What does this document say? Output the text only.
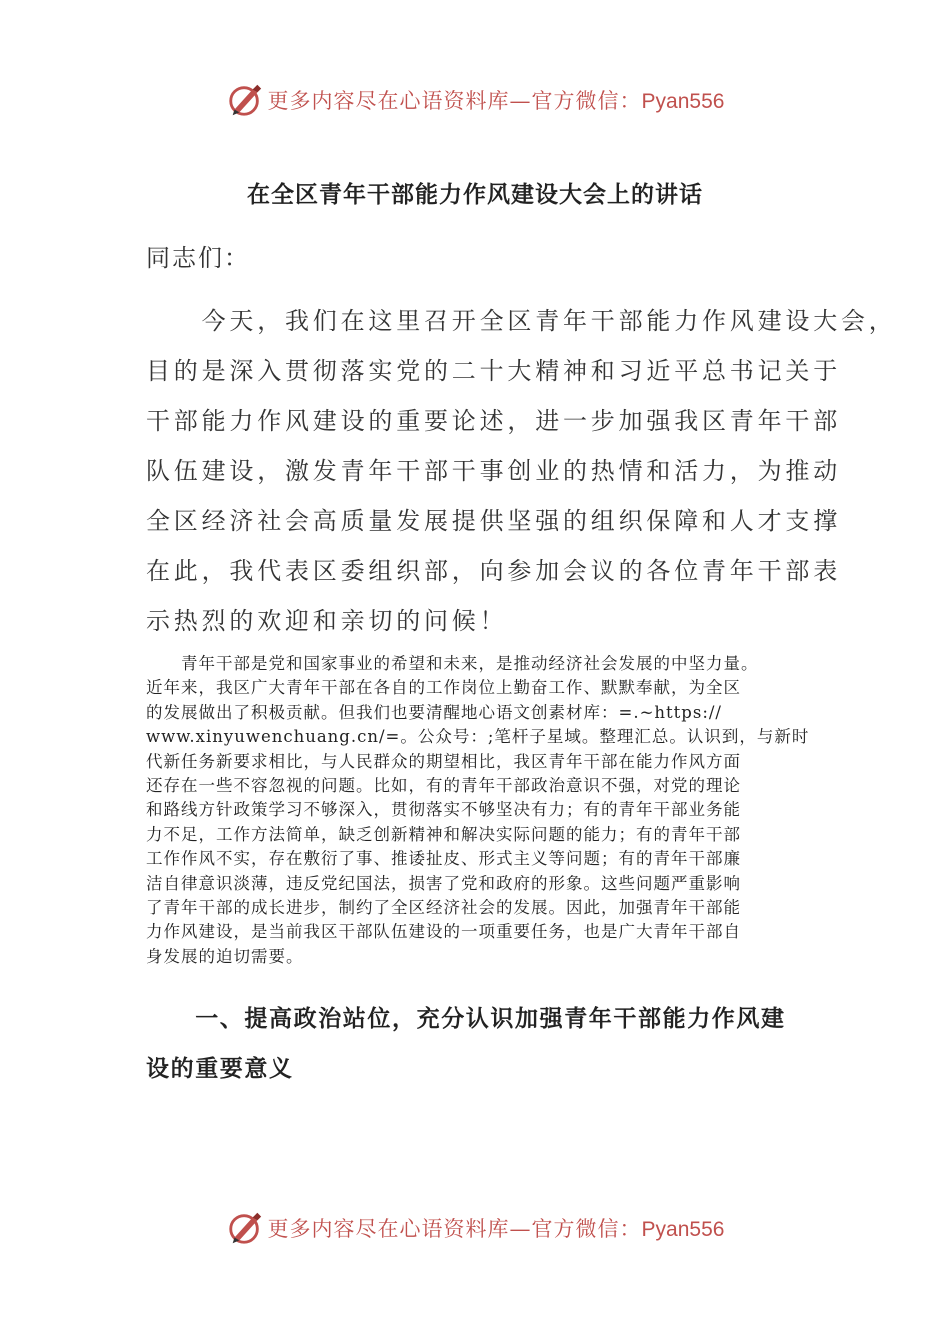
更多内容尽在心语资料库—官方微信：Pyan556
在全区青年干部能力作风建设大会上的讲话
同志们：

　　今天，我们在这里召开全区青年干部能力作风建设大会，
目的是深入贯彻落实党的二十大精神和习近平总书记关于
干部能力作风建设的重要论述，进一步加强我区青年干部
队伍建设，激发青年干部干事创业的热情和活力，为推动
全区经济社会高质量发展提供坚强的组织保障和人才支撑
在此，我代表区委组织部，向参加会议的各位青年干部表
示热烈的欢迎和亲切的问候！

　　青年干部是党和国家事业的希望和未来，是推动经济社会发展的中坚力量。
近年来，我区广大青年干部在各自的工作岗位上勤奋工作、默默奉献，为全区
的发展做出了积极贡献。但我们也要清醒地心语文创素材库：=.~https://
www.xinyuwenchuang.cn/=。公众号：;笔杆子星域。整理汇总。认识到，与新时
代新任务新要求相比，与人民群众的期望相比，我区青年干部在能力作风方面
还存在一些不容忽视的问题。比如，有的青年干部政治意识不强，对党的理论
和路线方针政策学习不够深入，贯彻落实不够坚决有力；有的青年干部业务能
力不足，工作方法简单，缺乏创新精神和解决实际问题的能力；有的青年干部
工作作风不实，存在敷衍了事、推诿扯皮、形式主义等问题；有的青年干部廉
洁自律意识淡薄，违反党纪国法，损害了党和政府的形象。这些问题严重影响
了青年干部的成长进步，制约了全区经济社会的发展。因此，加强青年干部能
力作风建设，是当前我区干部队伍建设的一项重要任务，也是广大青年干部自
身发展的迫切需要。

　　一、提高政治站位，充分认识加强青年干部能力作风建
设的重要意义
更多内容尽在心语资料库—官方微信：Pyan556
